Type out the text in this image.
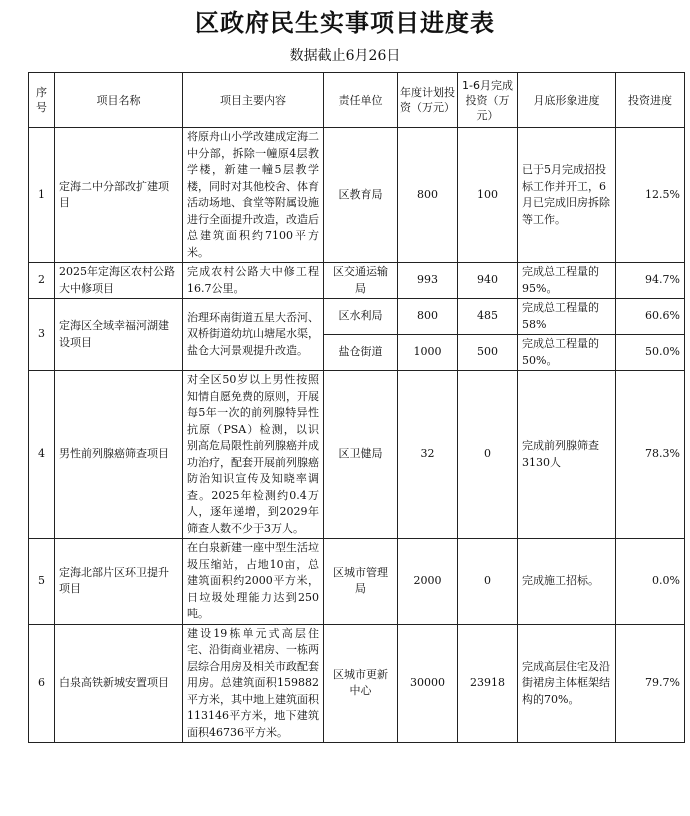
区政府民生实事项目进度表
数据截止6月26日
序号	项目名称	项目主要内容	责任单位	年度计划投资（万元）	1-6月完成投资（万元）	月底形象进度	投资进度
1	定海二中分部改扩建项目	将原舟山小学改建成定海二中分部，拆除一幢原4层教学楼，新建一幢5层教学楼，同时对其他校舍、体育活动场地、食堂等附属设施进行全面提升改造，改造后总建筑面积约7100平方米。	区教育局	800	100	已于5月完成招投标工作并开工，6月已完成旧房拆除等工作。	12.5%
2	2025年定海区农村公路大中修项目	完成农村公路大中修工程16.7公里。	区交通运输局	993	940	完成总工程量的95%。	94.7%
3	定海区全域幸福河湖建设项目	治理环南街道五星大岙河、双桥街道幼坑山塘尾水渠，盐仓大河景观提升改造。	区水利局	800	485	完成总工程量的58%	60.6%
			盐仓街道	1000	500	完成总工程量的50%。	50.0%
4	男性前列腺癌筛查项目	对全区50岁以上男性按照知情自愿免费的原则，开展每5年一次的前列腺特异性抗原（PSA）检测，以识别高危局限性前列腺癌并成功治疗，配套开展前列腺癌防治知识宣传及知晓率调查。2025年检测约0.4万人，逐年递增，到2029年筛查人数不少于3万人。	区卫健局	32	0	完成前列腺筛查3130人	78.3%
5	定海北部片区环卫提升项目	在白泉新建一座中型生活垃圾压缩站，占地10亩，总建筑面积约2000平方米，日垃圾处理能力达到250吨。	区城市管理局	2000	0	完成施工招标。	0.0%
6	白泉高铁新城安置项目	建设19栋单元式高层住宅、沿街商业裙房、一栋两层综合用房及相关市政配套用房。总建筑面积159882平方米，其中地上建筑面积113146平方米，地下建筑面积46736平方米。	区城市更新中心	30000	23918	完成高层住宅及沿街裙房主体框架结构的70%。	79.7%
